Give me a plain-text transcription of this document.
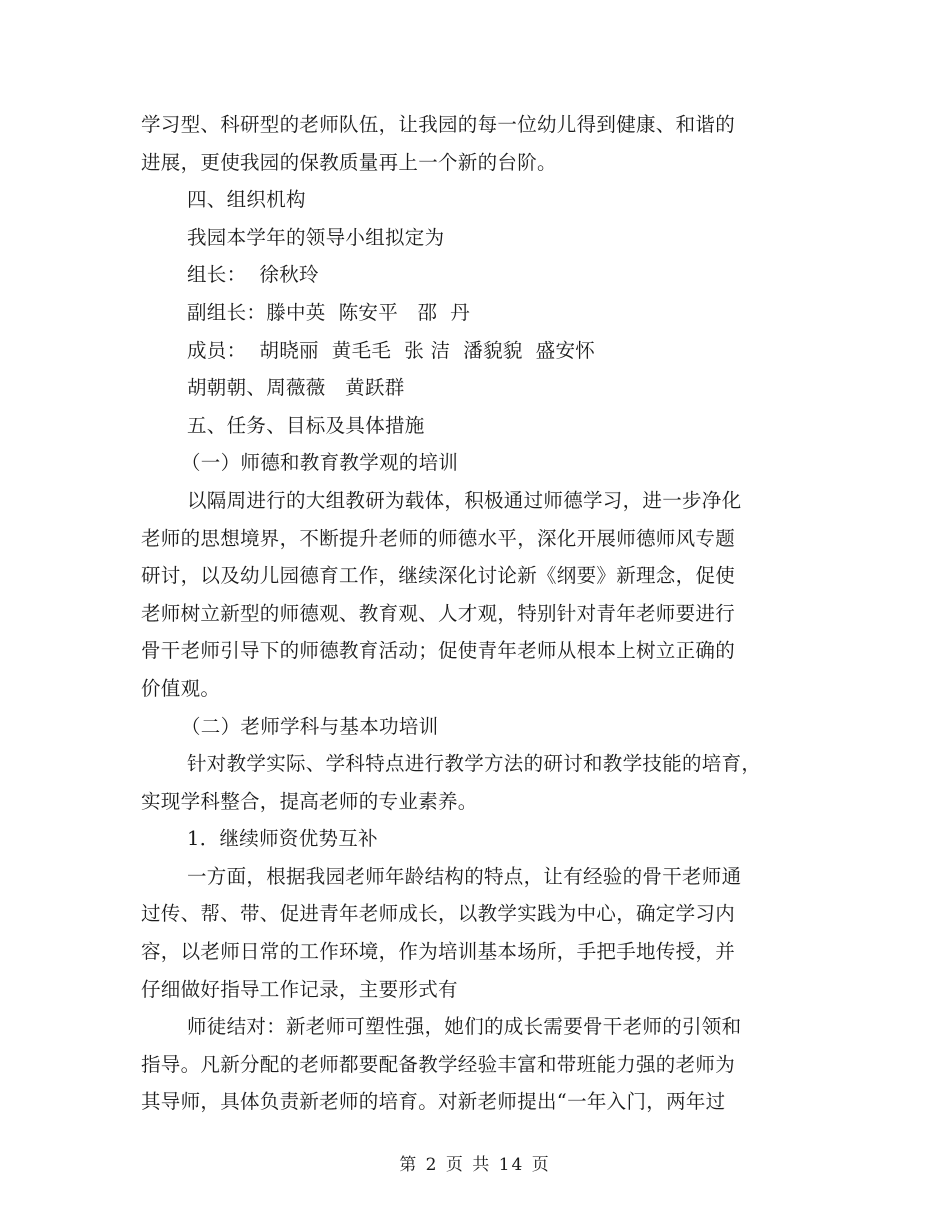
学习型、科研型的老师队伍，让我园的每一位幼儿得到健康、和谐的
进展，更使我园的保教质量再上一个新的台阶。
四、组织机构
我园本学年的领导小组拟定为
组长：  徐秋玲
副组长：滕中英  陈安平   邵  丹
成员：  胡晓丽  黄毛毛  张 洁  潘貌貌  盛安怀
胡朝朝、周薇薇   黄跃群
五、任务、目标及具体措施
（一）师德和教育教学观的培训
以隔周进行的大组教研为载体，积极通过师德学习，进一步净化
老师的思想境界，不断提升老师的师德水平，深化开展师德师风专题
研讨，以及幼儿园德育工作，继续深化讨论新《纲要》新理念，促使
老师树立新型的师德观、教育观、人才观，特别针对青年老师要进行
骨干老师引导下的师德教育活动；促使青年老师从根本上树立正确的
价值观。
（二）老师学科与基本功培训
针对教学实际、学科特点进行教学方法的研讨和教学技能的培育，
实现学科整合，提高老师的专业素养。
1．继续师资优势互补
一方面，根据我园老师年龄结构的特点，让有经验的骨干老师通
过传、帮、带、促进青年老师成长，以教学实践为中心，确定学习内
容，以老师日常的工作环境，作为培训基本场所，手把手地传授，并
仔细做好指导工作记录，主要形式有
师徒结对：新老师可塑性强，她们的成长需要骨干老师的引领和
指导。凡新分配的老师都要配备教学经验丰富和带班能力强的老师为
其导师，具体负责新老师的培育。对新老师提出“一年入门，两年过
第 2 页 共 14 页
